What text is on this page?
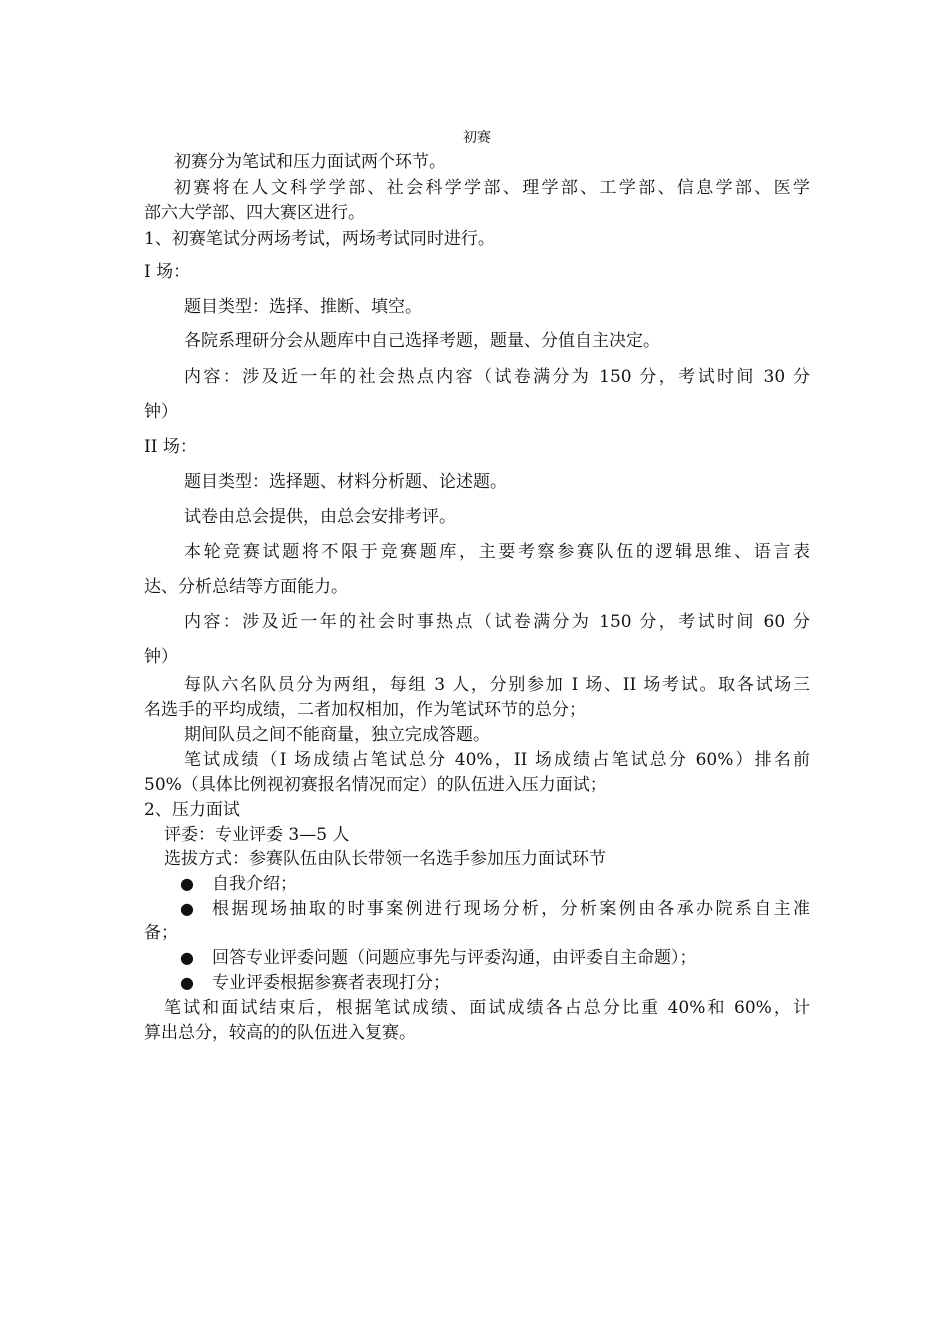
初赛
初赛分为笔试和压力面试两个环节。
初赛将在人文科学学部、社会科学学部、理学部、工学部、信息学部、医学
部六大学部、四大赛区进行。
1、初赛笔试分两场考试，两场考试同时进行。
I 场：
题目类型：选择、推断、填空。
各院系理研分会从题库中自己选择考题，题量、分值自主决定。
内容：涉及近一年的社会热点内容（试卷满分为 150 分，考试时间 30 分
钟）
II 场：
题目类型：选择题、材料分析题、论述题。
试卷由总会提供，由总会安排考评。
本轮竞赛试题将不限于竞赛题库，主要考察参赛队伍的逻辑思维、语言表
达、分析总结等方面能力。
内容：涉及近一年的社会时事热点（试卷满分为 150 分，考试时间 60 分
钟）
每队六名队员分为两组，每组 3 人，分别参加 I 场、II 场考试。取各试场三
名选手的平均成绩，二者加权相加，作为笔试环节的总分；
期间队员之间不能商量，独立完成答题。
笔试成绩（I 场成绩占笔试总分 40%，II 场成绩占笔试总分 60%）排名前
50%（具体比例视初赛报名情况而定）的队伍进入压力面试；
2、压力面试
评委：专业评委 3—5 人
选拔方式：参赛队伍由队长带领一名选手参加压力面试环节
● 自我介绍；
● 根据现场抽取的时事案例进行现场分析，分析案例由各承办院系自主准
备；
● 回答专业评委问题（问题应事先与评委沟通，由评委自主命题）；
● 专业评委根据参赛者表现打分；
笔试和面试结束后，根据笔试成绩、面试成绩各占总分比重 40%和 60%，计
算出总分，较高的的队伍进入复赛。
